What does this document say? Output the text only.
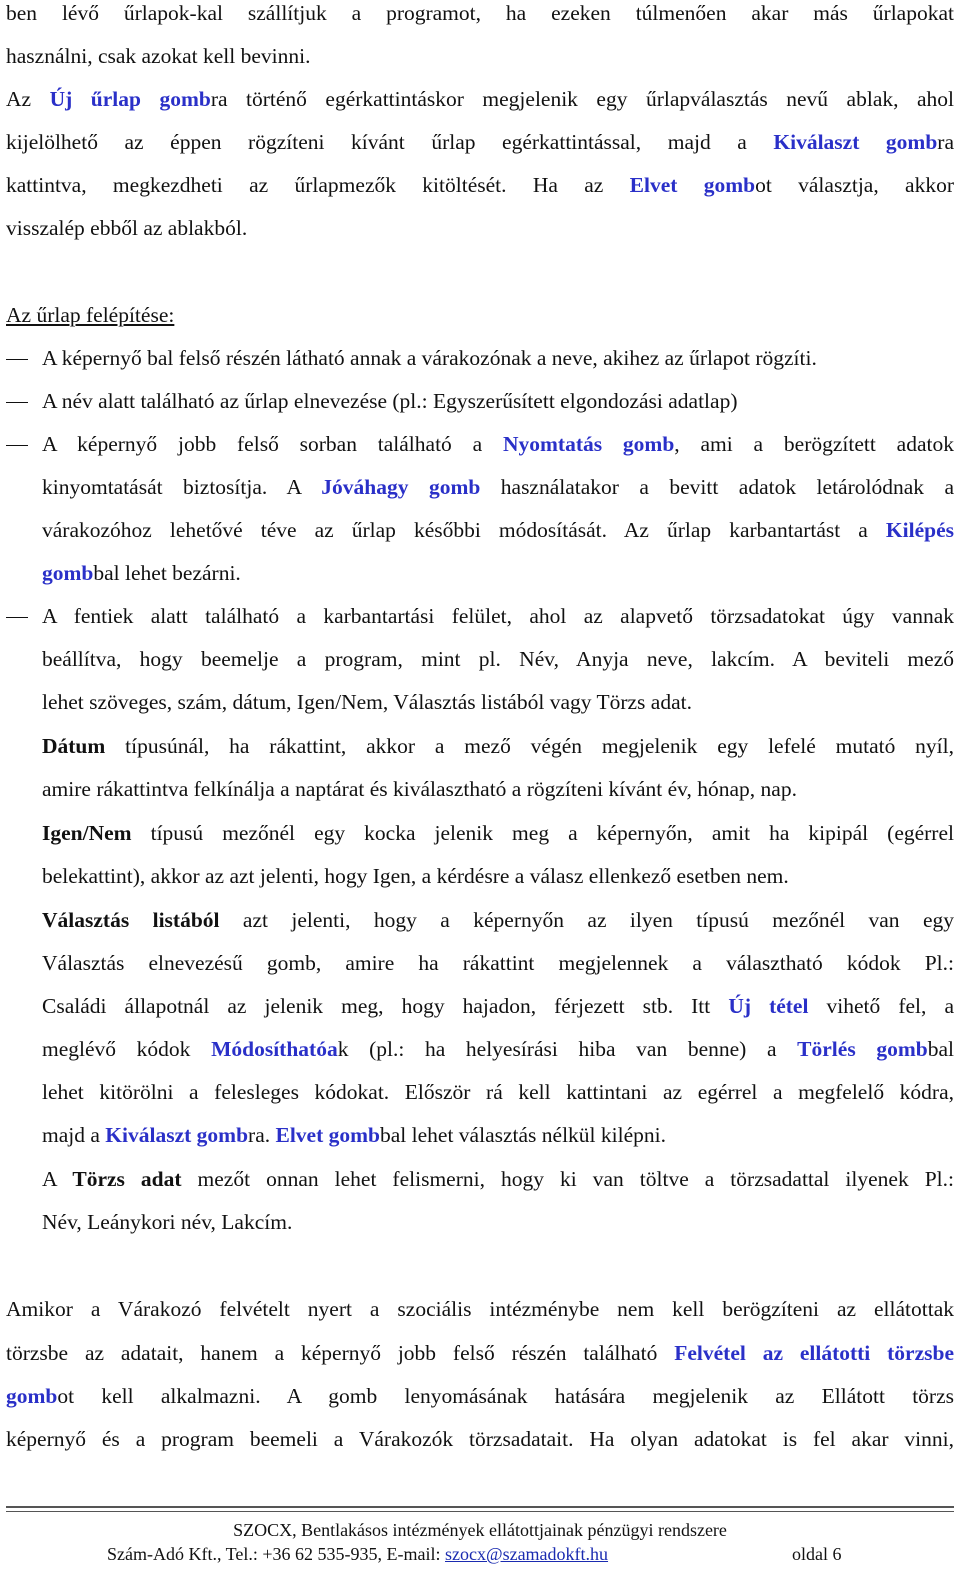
ben lévő űrlapok-kal szállítjuk a programot, ha ezeken túlmenően akar más űrlapokat
használni, csak azokat kell bevinni.
Az Új űrlap gombra történő egérkattintáskor megjelenik egy űrlapválasztás nevű ablak, ahol
kijelölhető az éppen rögzíteni kívánt űrlap egérkattintással, majd a Kiválaszt gombra
kattintva, megkezdheti az űrlapmezők kitöltését. Ha az Elvet gombot választja, akkor
visszalép ebből az ablakból.
Az űrlap felépítése:
A képernyő bal felső részén látható annak a várakozónak a neve, akihez az űrlapot rögzíti.
A név alatt található az űrlap elnevezése (pl.: Egyszerűsített elgondozási adatlap)
A képernyő jobb felső sorban található a Nyomtatás gomb, ami a berögzített adatok
kinyomtatását biztosítja. A Jóváhagy gomb használatakor a bevitt adatok letárolódnak a
várakozóhoz lehetővé téve az űrlap későbbi módosítását. Az űrlap karbantartást a Kilépés
gombbal lehet bezárni.
A fentiek alatt található a karbantartási felület, ahol az alapvető törzsadatokat úgy vannak
beállítva, hogy beemelje a program, mint pl. Név, Anyja neve, lakcím. A beviteli mező
lehet szöveges, szám, dátum, Igen/Nem, Választás listából vagy Törzs adat.
Dátum típusúnál, ha rákattint, akkor a mező végén megjelenik egy lefelé mutató nyíl,
amire rákattintva felkínálja a naptárat és kiválasztható a rögzíteni kívánt év, hónap, nap.
Igen/Nem típusú mezőnél egy kocka jelenik meg a képernyőn, amit ha kipipál (egérrel
belekattint), akkor az azt jelenti, hogy Igen, a kérdésre a válasz ellenkező esetben nem.
Választás listából azt jelenti, hogy a képernyőn az ilyen típusú mezőnél van egy
Választás elnevezésű gomb, amire ha rákattint megjelennek a választható kódok Pl.:
Családi állapotnál az jelenik meg, hogy hajadon, férjezett stb. Itt Új tétel vihető fel, a
meglévő kódok Módosíthatóak (pl.: ha helyesírási hiba van benne) a Törlés gombbal
lehet kitörölni a felesleges kódokat. Először rá kell kattintani az egérrel a megfelelő kódra,
majd a Kiválaszt gombra. Elvet gombbal lehet választás nélkül kilépni.
A Törzs adat mezőt onnan lehet felismerni, hogy ki van töltve a törzsadattal ilyenek Pl.:
Név, Leánykori név, Lakcím.
Amikor a Várakozó felvételt nyert a szociális intézménybe nem kell berögzíteni az ellátottak
törzsbe az adatait, hanem a képernyő jobb felső részén található Felvétel az ellátotti törzsbe
gombot kell alkalmazni. A gomb lenyomásának hatására megjelenik az Ellátott törzs
képernyő és a program beemeli a Várakozók törzsadatait. Ha olyan adatokat is fel akar vinni,
SZOCX, Bentlakásos intézmények ellátottjainak pénzügyi rendszere
Szám-Adó Kft., Tel.: +36 62 535-935, E-mail: szocx@szamadokft.hu	oldal 6
